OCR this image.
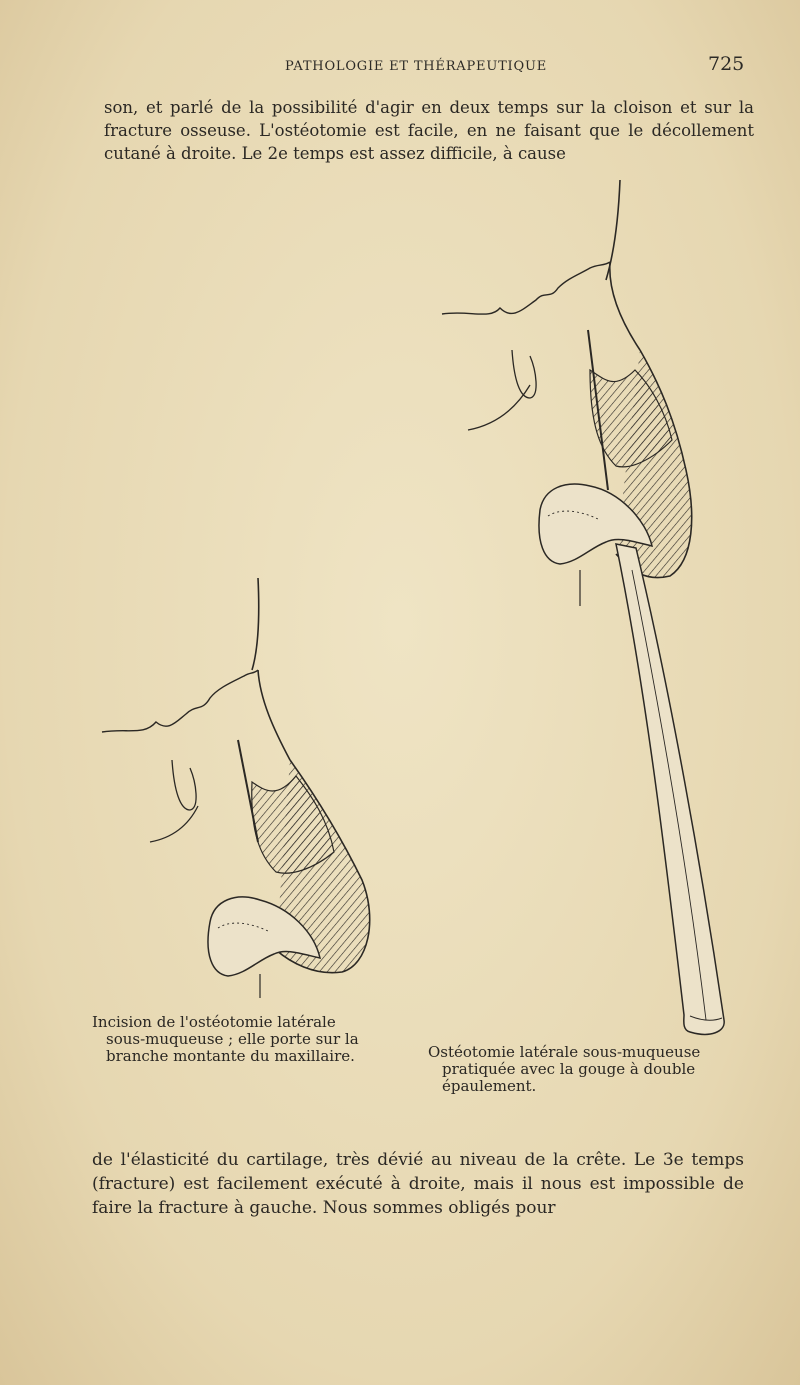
PATHOLOGIE ET THÉRAPEUTIQUE	725

son, et parlé de la possibilité d'agir en deux temps sur la cloison et sur la fracture osseuse. L'ostéotomie est facile, en ne faisant que le décollement cutané à droite. Le 2e temps est assez difficile, à cause

Incision de l'ostéotomie latérale
sous-muqueuse ; elle porte sur la branche montante du maxillaire.	Ostéotomie latérale sous-muqueuse
pratiquée avec la gouge à double épaulement.

de l'élasticité du cartilage, très dévié au niveau de la crête. Le 3e temps (fracture) est facilement exécuté à droite, mais il nous est impossible de faire la fracture à gauche. Nous sommes obligés pour
